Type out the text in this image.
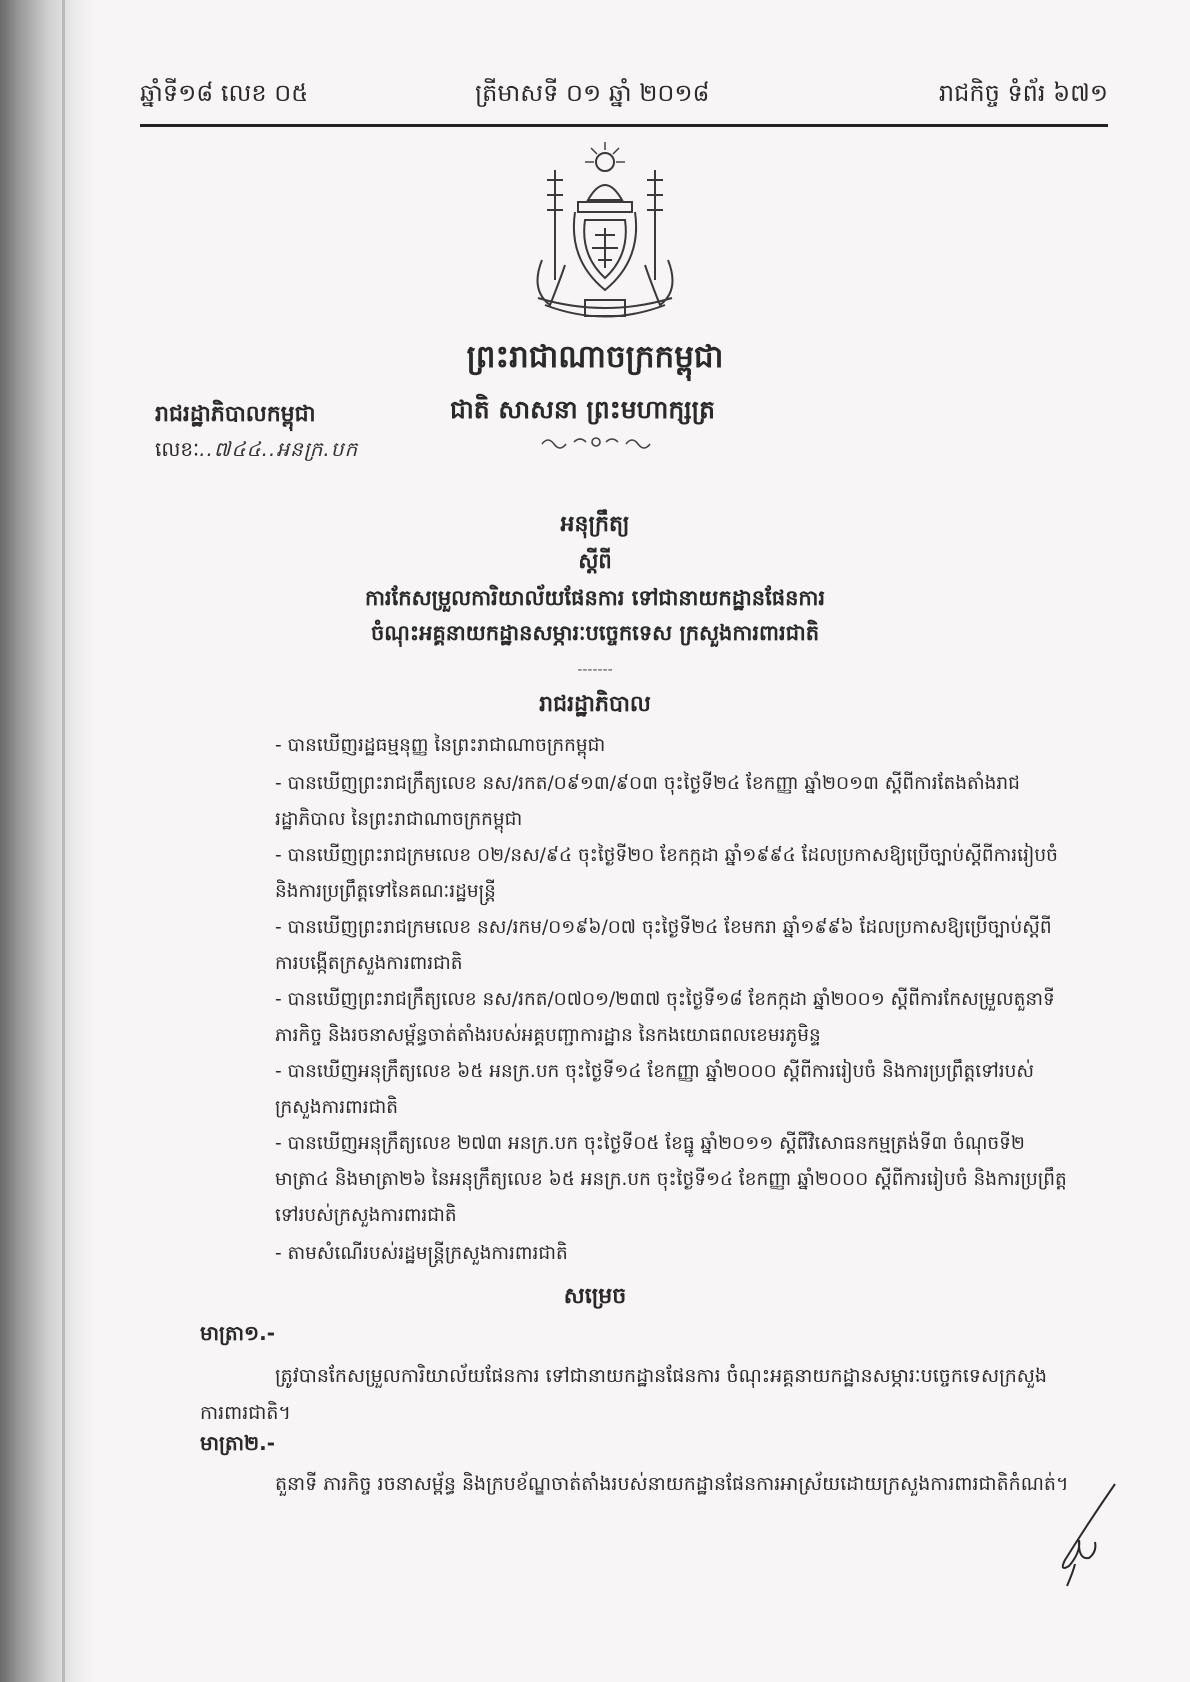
ឆ្នាំទី១៨ លេខ ០៥	ត្រីមាសទី ០១ ឆ្នាំ ២០១៨	រាជកិច្ច ទំព័រ ៦៧១
ព្រះរាជាណាចក្រកម្ពុជា
ជាតិ សាសនា ព្រះមហាក្សត្រ
រាជរដ្ឋាភិបាលកម្ពុជា
លេខៈ..៧៤៤..អនក្រ.បក
អនុក្រឹត្យ
ស្តីពី
ការកែសម្រួលការិយាល័យផែនការ ទៅជានាយកដ្ឋានផែនការ
ចំណុះអគ្គនាយកដ្ឋានសម្ភារៈបច្ចេកទេស ក្រសួងការពារជាតិ
-------
រាជរដ្ឋាភិបាល
- បានឃើញរដ្ឋធម្មនុញ្ញ នៃព្រះរាជាណាចក្រកម្ពុជា
- បានឃើញព្រះរាជក្រឹត្យលេខ នស/រកត/០៩១៣/៩០៣ ចុះថ្ងៃទី២៤ ខែកញ្ញា ឆ្នាំ២០១៣ ស្តីពីការតែងតាំងរាជរដ្ឋាភិបាល នៃព្រះរាជាណាចក្រកម្ពុជា
- បានឃើញព្រះរាជក្រមលេខ ០២/នស/៩៤ ចុះថ្ងៃទី២០ ខែកក្កដា ឆ្នាំ១៩៩៤ ដែលប្រកាសឱ្យប្រើច្បាប់ស្តីពីការរៀបចំ និងការប្រព្រឹត្តទៅនៃគណៈរដ្ឋមន្ត្រី
- បានឃើញព្រះរាជក្រមលេខ នស/រកម/០១៩៦/០៧ ចុះថ្ងៃទី២៤ ខែមករា ឆ្នាំ១៩៩៦ ដែលប្រកាសឱ្យប្រើច្បាប់ស្តីពីការបង្កើតក្រសួងការពារជាតិ
- បានឃើញព្រះរាជក្រឹត្យលេខ នស/រកត/០៧០១/២៣៧ ចុះថ្ងៃទី១៨ ខែកក្កដា ឆ្នាំ២០០១ ស្តីពីការកែសម្រួលតួនាទីភារកិច្ច និងរចនាសម្ព័ន្ធចាត់តាំងរបស់អគ្គបញ្ជាការដ្ឋាន នៃកងយោធពលខេមរភូមិន្ទ
- បានឃើញអនុក្រឹត្យលេខ ៦៥ អនក្រ.បក ចុះថ្ងៃទី១៤ ខែកញ្ញា ឆ្នាំ២០០០ ស្តីពីការរៀបចំ និងការប្រព្រឹត្តទៅរបស់ក្រសួងការពារជាតិ
- បានឃើញអនុក្រឹត្យលេខ ២៧៣ អនក្រ.បក ចុះថ្ងៃទី០៥ ខែធ្នូ ឆ្នាំ២០១១ ស្តីពីវិសោធនកម្មត្រង់ទី៣ ចំណុចទី២ មាត្រា៤ និងមាត្រា២៦ នៃអនុក្រឹត្យលេខ ៦៥ អនក្រ.បក ចុះថ្ងៃទី១៤ ខែកញ្ញា ឆ្នាំ២០០០ ស្តីពីការរៀបចំ និងការប្រព្រឹត្តទៅរបស់ក្រសួងការពារជាតិ
- តាមសំណើរបស់រដ្ឋមន្ត្រីក្រសួងការពារជាតិ
សម្រេច
មាត្រា១.-
ត្រូវបានកែសម្រួលការិយាល័យផែនការ ទៅជានាយកដ្ឋានផែនការ ចំណុះអគ្គនាយកដ្ឋានសម្ភារៈបច្ចេកទេសក្រសួងការពារជាតិ។
មាត្រា២.-
តួនាទី ភារកិច្ច រចនាសម្ព័ន្ធ និងក្របខ័ណ្ឌចាត់តាំងរបស់នាយកដ្ឋានផែនការអាស្រ័យដោយក្រសួងការពារជាតិកំណត់។
